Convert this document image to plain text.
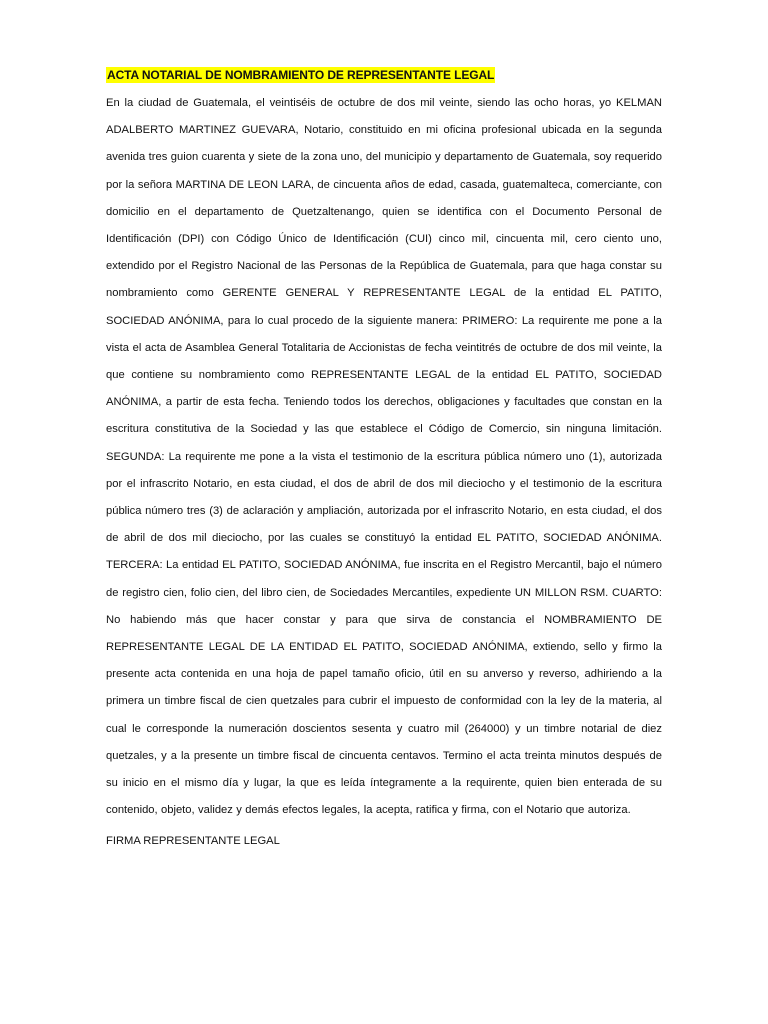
ACTA NOTARIAL DE NOMBRAMIENTO DE REPRESENTANTE LEGAL

En la ciudad de Guatemala, el veintiséis de octubre de dos mil veinte, siendo las ocho horas, yo KELMAN ADALBERTO MARTINEZ GUEVARA, Notario, constituido en mi oficina profesional ubicada en la segunda avenida tres guion cuarenta y siete de la zona uno, del municipio y departamento de Guatemala, soy requerido por la señora MARTINA DE LEON LARA, de cincuenta años de edad, casada, guatemalteca, comerciante, con domicilio en el departamento de Quetzaltenango, quien se identifica con el Documento Personal de Identificación (DPI) con Código Único de Identificación (CUI) cinco mil, cincuenta mil, cero ciento uno, extendido por el Registro Nacional de las Personas de la República de Guatemala, para que haga constar su nombramiento como GERENTE GENERAL Y REPRESENTANTE LEGAL de la entidad EL PATITO, SOCIEDAD ANÓNIMA, para lo cual procedo de la siguiente manera: PRIMERO: La requirente me pone a la vista el acta de Asamblea General Totalitaria de Accionistas de fecha veintitrés de octubre de dos mil veinte, la que contiene su nombramiento como REPRESENTANTE LEGAL de la entidad EL PATITO, SOCIEDAD ANÓNIMA, a partir de esta fecha. Teniendo todos los derechos, obligaciones y facultades que constan en la escritura constitutiva de la Sociedad y las que establece el Código de Comercio, sin ninguna limitación. SEGUNDA: La requirente me pone a la vista el testimonio de la escritura pública número uno (1), autorizada por el infrascrito Notario, en esta ciudad, el dos de abril de dos mil dieciocho y el testimonio de la escritura pública número tres (3) de aclaración y ampliación, autorizada por el infrascrito Notario, en esta ciudad, el dos de abril de dos mil dieciocho, por las cuales se constituyó la entidad EL PATITO, SOCIEDAD ANÓNIMA. TERCERA: La entidad EL PATITO, SOCIEDAD ANÓNIMA, fue inscrita en el Registro Mercantil, bajo el número de registro cien, folio cien, del libro cien, de Sociedades Mercantiles, expediente UN MILLON RSM. CUARTO: No habiendo más que hacer constar y para que sirva de constancia el NOMBRAMIENTO DE REPRESENTANTE LEGAL DE LA ENTIDAD EL PATITO, SOCIEDAD ANÓNIMA, extiendo, sello y firmo la presente acta contenida en una hoja de papel tamaño oficio, útil en su anverso y reverso, adhiriendo a la primera un timbre fiscal de cien quetzales para cubrir el impuesto de conformidad con la ley de la materia, al cual le corresponde la numeración doscientos sesenta y cuatro mil (264000) y un timbre notarial de diez quetzales, y a la presente un timbre fiscal de cincuenta centavos. Termino el acta treinta minutos después de su inicio en el mismo día y lugar, la que es leída íntegramente a la requirente, quien bien enterada de su contenido, objeto, validez y demás efectos legales, la acepta, ratifica y firma, con el Notario que autoriza.

FIRMA REPRESENTANTE LEGAL
